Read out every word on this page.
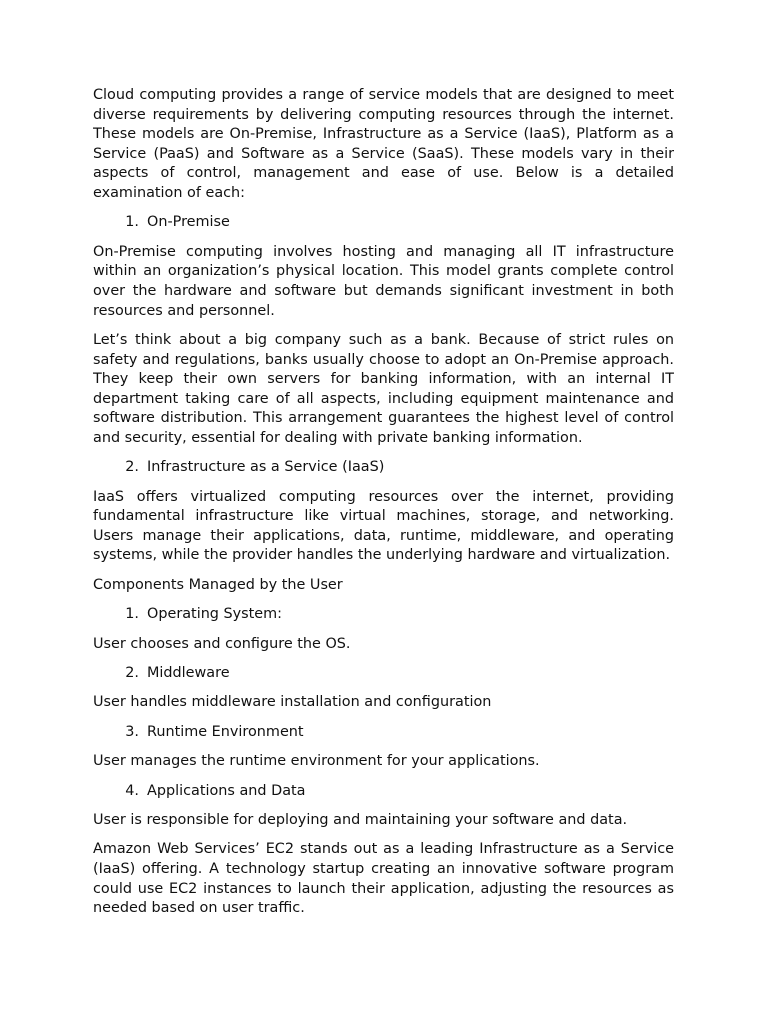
Cloud computing provides a range of service models that are designed to meet diverse requirements by delivering computing resources through the internet. These models are On-Premise, Infrastructure as a Service (IaaS), Platform as a Service (PaaS) and Software as a Service (SaaS). These models vary in their aspects of control, management and ease of use. Below is a detailed examination of each:

1. On-Premise

On-Premise computing involves hosting and managing all IT infrastructure within an organization’s physical location. This model grants complete control over the hardware and software but demands significant investment in both resources and personnel.

Let’s think about a big company such as a bank. Because of strict rules on safety and regulations, banks usually choose to adopt an On-Premise approach. They keep their own servers for banking information, with an internal IT department taking care of all aspects, including equipment maintenance and software distribution. This arrangement guarantees the highest level of control and security, essential for dealing with private banking information.

2. Infrastructure as a Service (IaaS)

IaaS offers virtualized computing resources over the internet, providing fundamental infrastructure like virtual machines, storage, and networking. Users manage their applications, data, runtime, middleware, and operating systems, while the provider handles the underlying hardware and virtualization.

Components Managed by the User

1. Operating System:

User chooses and configure the OS.

2. Middleware

User handles middleware installation and configuration

3. Runtime Environment

User manages the runtime environment for your applications.

4. Applications and Data

User is responsible for deploying and maintaining your software and data.

Amazon Web Services’ EC2 stands out as a leading Infrastructure as a Service (IaaS) offering. A technology startup creating an innovative software program could use EC2 instances to launch their application, adjusting the resources as needed based on user traffic.
